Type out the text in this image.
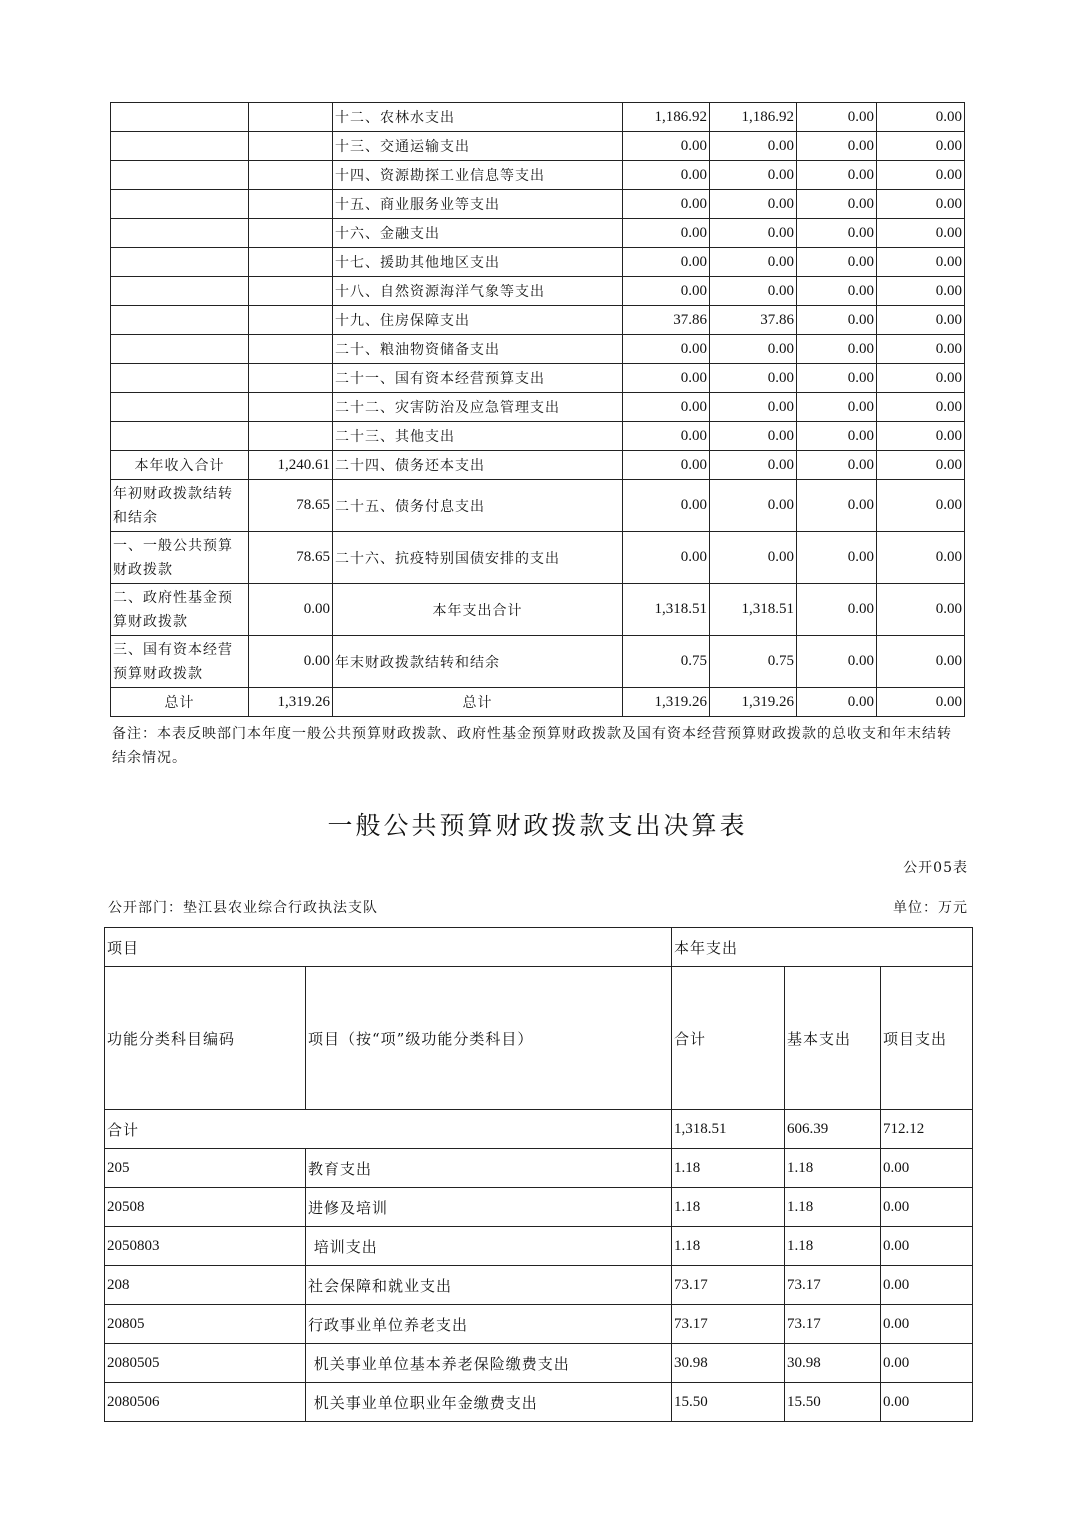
		十二、农林水支出	1,186.92	1,186.92	0.00	0.00
		十三、交通运输支出	0.00	0.00	0.00	0.00
		十四、资源勘探工业信息等支出	0.00	0.00	0.00	0.00
		十五、商业服务业等支出	0.00	0.00	0.00	0.00
		十六、金融支出	0.00	0.00	0.00	0.00
		十七、援助其他地区支出	0.00	0.00	0.00	0.00
		十八、自然资源海洋气象等支出	0.00	0.00	0.00	0.00
		十九、住房保障支出	37.86	37.86	0.00	0.00
		二十、粮油物资储备支出	0.00	0.00	0.00	0.00
		二十一、国有资本经营预算支出	0.00	0.00	0.00	0.00
		二十二、灾害防治及应急管理支出	0.00	0.00	0.00	0.00
		二十三、其他支出	0.00	0.00	0.00	0.00
本年收入合计	1,240.61	二十四、债务还本支出	0.00	0.00	0.00	0.00
年初财政拨款结转和结余	78.65	二十五、债务付息支出	0.00	0.00	0.00	0.00
一、一般公共预算财政拨款	78.65	二十六、抗疫特别国债安排的支出	0.00	0.00	0.00	0.00
二、政府性基金预算财政拨款	0.00	本年支出合计	1,318.51	1,318.51	0.00	0.00
三、国有资本经营预算财政拨款	0.00	年末财政拨款结转和结余	0.75	0.75	0.00	0.00
总计	1,319.26	总计	1,319.26	1,319.26	0.00	0.00
备注：本表反映部门本年度一般公共预算财政拨款、政府性基金预算财政拨款及国有资本经营预算财政拨款的总收支和年末结转结余情况。
一般公共预算财政拨款支出决算表
公开05表
公开部门：垫江县农业综合行政执法支队	单位：万元
项目		本年支出		
功能分类科目编码	项目（按“项”级功能分类科目）	合计	基本支出	项目支出
合计		1,318.51	606.39	712.12
205	教育支出	1.18	1.18	0.00
20508	进修及培训	1.18	1.18	0.00
2050803	培训支出	1.18	1.18	0.00
208	社会保障和就业支出	73.17	73.17	0.00
20805	行政事业单位养老支出	73.17	73.17	0.00
2080505	机关事业单位基本养老保险缴费支出	30.98	30.98	0.00
2080506	机关事业单位职业年金缴费支出	15.50	15.50	0.00
